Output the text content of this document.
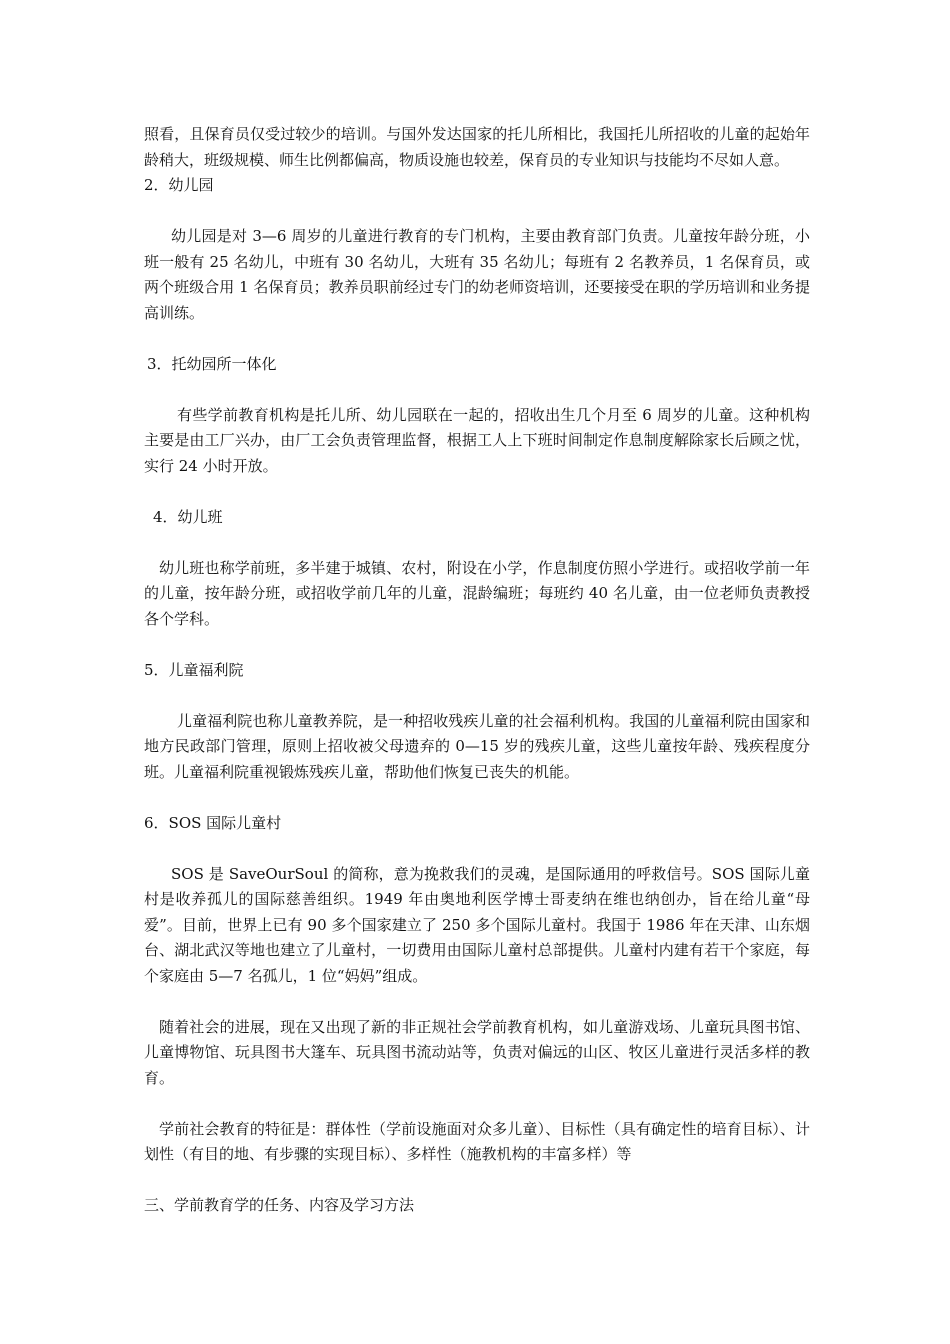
照看，且保育员仅受过较少的培训。与国外发达国家的托儿所相比，我国托儿所招收的儿童的起始年龄稍大，班级规模、师生比例都偏高，物质设施也较差，保育员的专业知识与技能均不尽如人意。

2．幼儿园

幼儿园是对 3—6 周岁的儿童进行教育的专门机构，主要由教育部门负责。儿童按年龄分班，小班一般有 25 名幼儿，中班有 30 名幼儿，大班有 35 名幼儿；每班有 2 名教养员，1 名保育员，或两个班级合用 1 名保育员；教养员职前经过专门的幼老师资培训，还要接受在职的学历培训和业务提高训练。

3．托幼园所一体化

有些学前教育机构是托儿所、幼儿园联在一起的，招收出生几个月至 6 周岁的儿童。这种机构主要是由工厂兴办，由厂工会负责管理监督，根据工人上下班时间制定作息制度解除家长后顾之忧，实行 24 小时开放。

4．幼儿班

幼儿班也称学前班，多半建于城镇、农村，附设在小学，作息制度仿照小学进行。或招收学前一年的儿童，按年龄分班，或招收学前几年的儿童，混龄编班；每班约 40 名儿童，由一位老师负责教授各个学科。

5．儿童福利院

儿童福利院也称儿童教养院，是一种招收残疾儿童的社会福利机构。我国的儿童福利院由国家和地方民政部门管理，原则上招收被父母遗弃的 0—15 岁的残疾儿童，这些儿童按年龄、残疾程度分班。儿童福利院重视锻炼残疾儿童，帮助他们恢复已丧失的机能。

6．SOS 国际儿童村

SOS 是 SaveOurSoul 的简称，意为挽救我们的灵魂，是国际通用的呼救信号。SOS 国际儿童村是收养孤儿的国际慈善组织。1949 年由奥地利医学博士哥麦纳在维也纳创办，旨在给儿童“母爱”。目前，世界上已有 90 多个国家建立了 250 多个国际儿童村。我国于 1986 年在天津、山东烟台、湖北武汉等地也建立了儿童村，一切费用由国际儿童村总部提供。儿童村内建有若干个家庭，每个家庭由 5—7 名孤儿，1 位“妈妈”组成。

随着社会的进展，现在又出现了新的非正规社会学前教育机构，如儿童游戏场、儿童玩具图书馆、儿童博物馆、玩具图书大篷车、玩具图书流动站等，负责对偏远的山区、牧区儿童进行灵活多样的教育。

学前社会教育的特征是：群体性（学前设施面对众多儿童）、目标性（具有确定性的培育目标）、计划性（有目的地、有步骤的实现目标）、多样性（施教机构的丰富多样）等

三、学前教育学的任务、内容及学习方法
